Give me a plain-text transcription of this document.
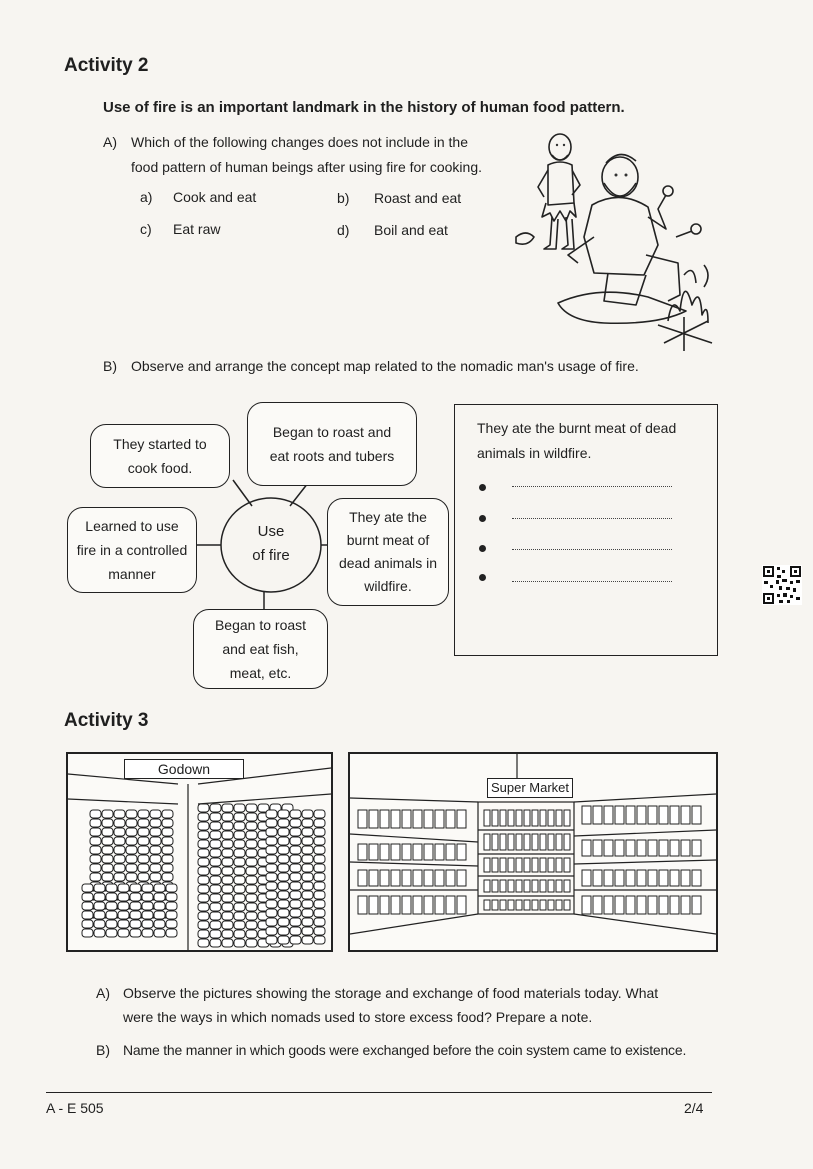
Activity 2
Use of fire is an important landmark in the history of human food pattern.
A) Which of the following changes does not include in the
food pattern of human beings after using fire for cooking.
a) Cook and eat	b) Roast and eat
c) Eat raw	d) Boil and eat
B) Observe and arrange the concept map related to the nomadic man's usage of fire.
Use
of fire
They started to
cook food.
Began to roast and
eat roots and tubers
Learned to use
fire in a controlled
manner
They ate the
burnt meat of
dead animals in
wildfire.
Began to roast
and eat fish,
meat, etc.
They ate the burnt meat of dead
animals in wildfire.
Activity 3
Godown
Super Market
A) Observe the pictures showing the storage and exchange of food materials today. What
were the ways in which nomads used to store excess food? Prepare a note.
B) Name the manner in which goods were exchanged before the coin system came to existence.
A - E 505	2/4
